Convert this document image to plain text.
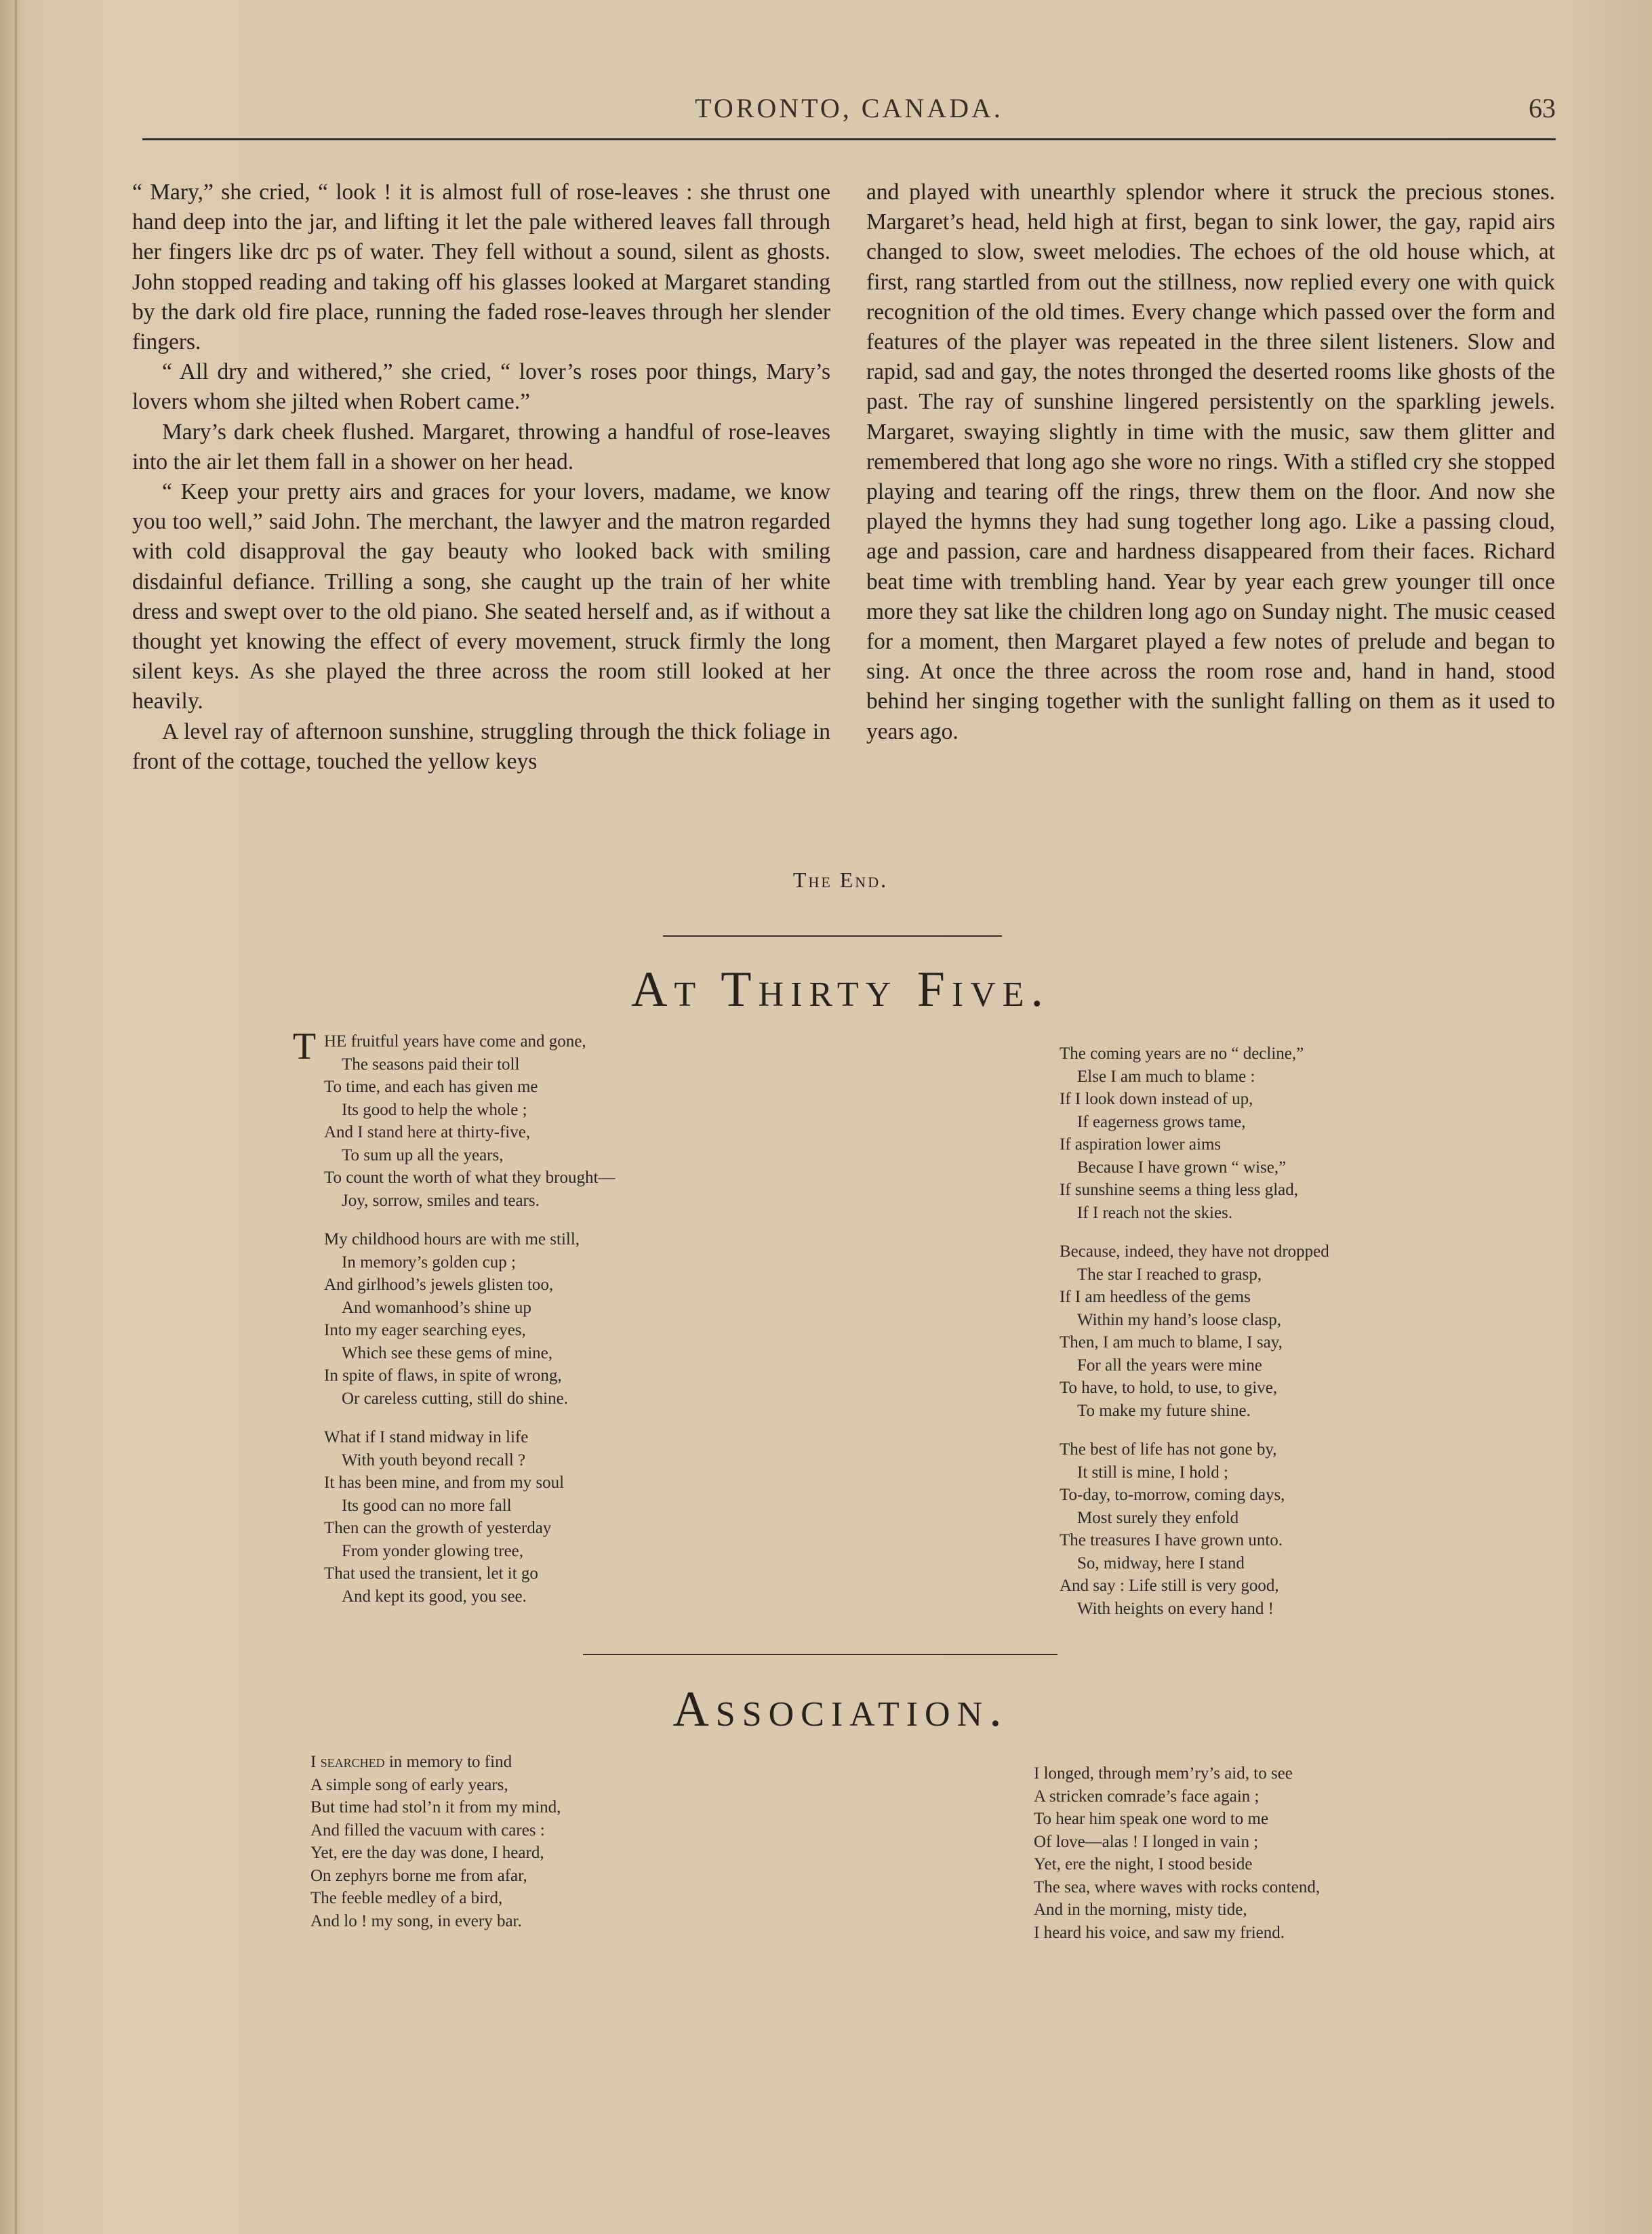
TORONTO, CANADA.	63

“ Mary,” she cried, “ look ! it is almost full of rose-leaves : she thrust one hand deep into the jar, and lifting it let the pale withered leaves fall through her fingers like drc ps of water. They fell without a sound, silent as ghosts. John stopped reading and taking off his glasses looked at Margaret standing by the dark old fire place, running the faded rose-leaves through her slender fingers.

“ All dry and withered,” she cried, “ lover’s roses poor things, Mary’s lovers whom she jilted when Robert came.”

Mary’s dark cheek flushed. Margaret, throwing a handful of rose-leaves into the air let them fall in a shower on her head.

“ Keep your pretty airs and graces for your lovers, madame, we know you too well,” said John. The merchant, the lawyer and the matron regarded with cold disapproval the gay beauty who looked back with smiling disdainful defiance. Trilling a song, she caught up the train of her white dress and swept over to the old piano. She seated herself and, as if without a thought yet knowing the effect of every movement, struck firmly the long silent keys. As she played the three across the room still looked at her heavily.

A level ray of afternoon sunshine, struggling through the thick foliage in front of the cottage, touched the yellow keys

and played with unearthly splendor where it struck the precious stones. Margaret’s head, held high at first, began to sink lower, the gay, rapid airs changed to slow, sweet melodies. The echoes of the old house which, at first, rang startled from out the stillness, now replied every one with quick recognition of the old times. Every change which passed over the form and features of the player was repeated in the three silent listeners. Slow and rapid, sad and gay, the notes thronged the deserted rooms like ghosts of the past. The ray of sunshine lingered persistently on the sparkling jewels. Margaret, swaying slightly in time with the music, saw them glitter and remembered that long ago she wore no rings. With a stifled cry she stopped playing and tearing off the rings, threw them on the floor. And now she played the hymns they had sung together long ago. Like a passing cloud, age and passion, care and hardness disappeared from their faces. Richard beat time with trembling hand. Year by year each grew younger till once more they sat like the children long ago on Sunday night. The music ceased for a moment, then Margaret played a few notes of prelude and began to sing. At once the three across the room rose and, hand in hand, stood behind her singing together with the sunlight falling on them as it used to years ago.

The End.
At Thirty Five.
T HE fruitful years have come and gone,
The seasons paid their toll
To time, and each has given me
Its good to help the whole ;
And I stand here at thirty-five,
To sum up all the years,
To count the worth of what they brought—
Joy, sorrow, smiles and tears.
My childhood hours are with me still,
In memory’s golden cup ;
And girlhood’s jewels glisten too,
And womanhood’s shine up
Into my eager searching eyes,
Which see these gems of mine,
In spite of flaws, in spite of wrong,
Or careless cutting, still do shine.
What if I stand midway in life
With youth beyond recall ?
It has been mine, and from my soul
Its good can no more fall
Then can the growth of yesterday
From yonder glowing tree,
That used the transient, let it go
And kept its good, you see.
The coming years are no “ decline,”
Else I am much to blame :
If I look down instead of up,
If eagerness grows tame,
If aspiration lower aims
Because I have grown “ wise,”
If sunshine seems a thing less glad,
If I reach not the skies.
Because, indeed, they have not dropped
The star I reached to grasp,
If I am heedless of the gems
Within my hand’s loose clasp,
Then, I am much to blame, I say,
For all the years were mine
To have, to hold, to use, to give,
To make my future shine.
The best of life has not gone by,
It still is mine, I hold ;
To-day, to-morrow, coming days,
Most surely they enfold
The treasures I have grown unto.
So, midway, here I stand
And say : Life still is very good,
With heights on every hand !
Association.
I searched in memory to find
A simple song of early years,
But time had stol’n it from my mind,
And filled the vacuum with cares :
Yet, ere the day was done, I heard,
On zephyrs borne me from afar,
The feeble medley of a bird,
And lo ! my song, in every bar.
I longed, through mem’ry’s aid, to see
A stricken comrade’s face again ;
To hear him speak one word to me
Of love—alas ! I longed in vain ;
Yet, ere the night, I stood beside
The sea, where waves with rocks contend,
And in the morning, misty tide,
I heard his voice, and saw my friend.
